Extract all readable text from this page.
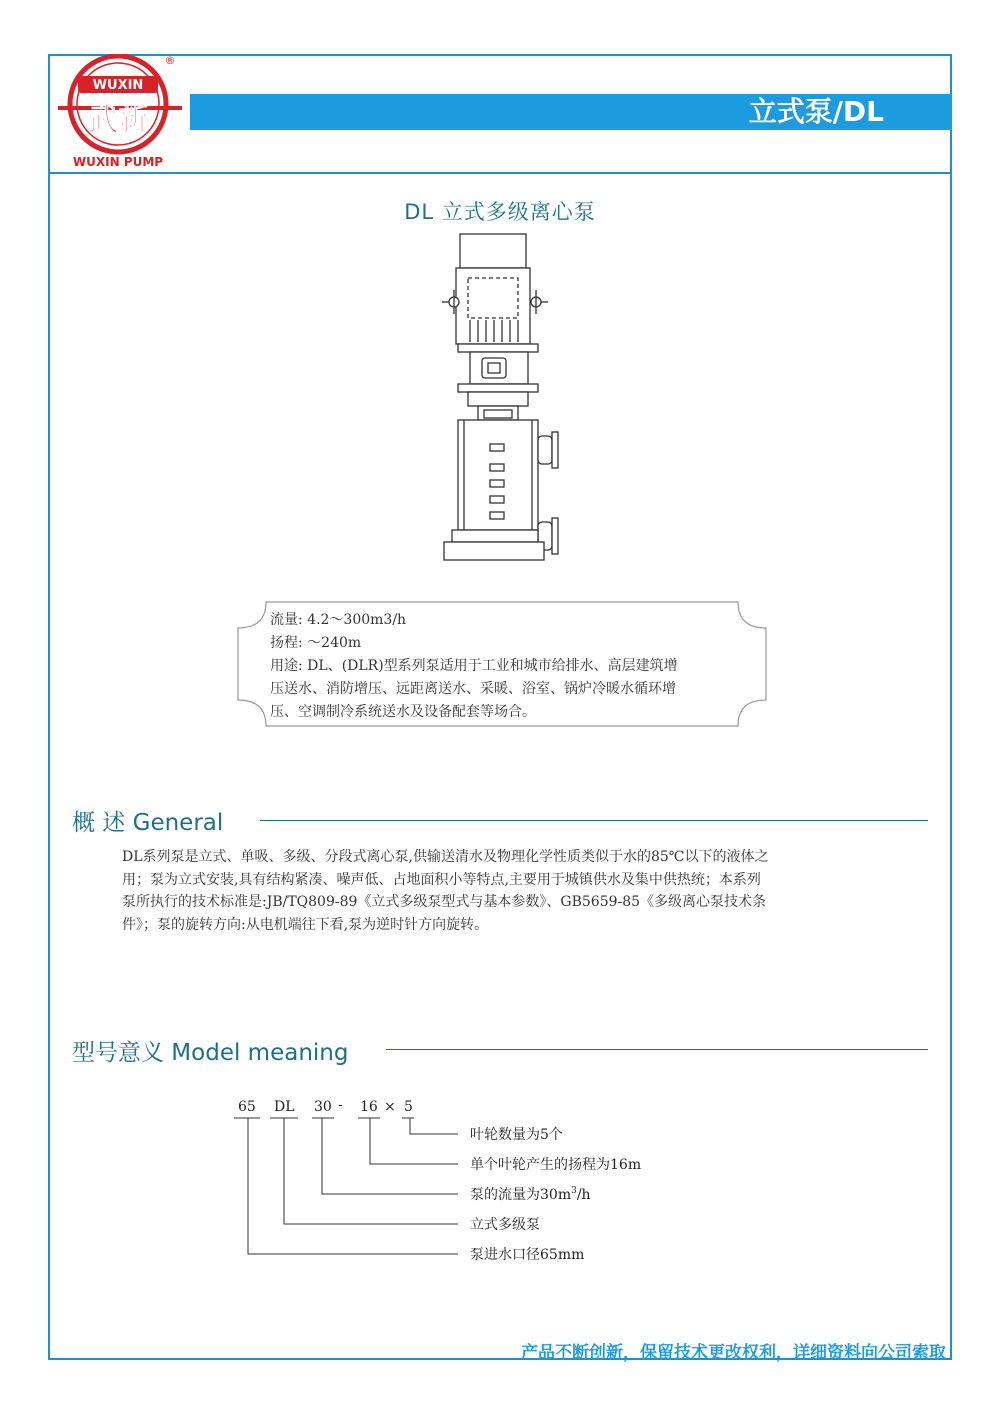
WUXIN
武新
®
WUXIN PUMP
立式泵/DL
DL 立式多级离心泵
流量: 4.2～300m3/h
扬程: ～240m
用途: DL、(DLR)型系列泵适用于工业和城市给排水、高层建筑增
压送水、消防增压、远距离送水、采暖、浴室、锅炉冷暖水循环增
压、空调制冷系统送水及设备配套等场合。
概 述 General
DL系列泵是立式、单吸、多级、分段式离心泵,供输送清水及物理化学性质类似于水的85℃以下的液体之
用；泵为立式安装,具有结构紧凑、噪声低、占地面积小等特点,主要用于城镇供水及集中供热统；本系列
泵所执行的技术标准是:JB/TQ809-89《立式多级泵型式与基本参数》、GB5659-85《多级离心泵技术条
件》；泵的旋转方向:从电机端往下看,泵为逆时针方向旋转。
型号意义 Model meaning
65 DL 30 - 16 × 5
叶轮数量为5个
单个叶轮产生的扬程为16m
泵的流量为$30m^3/h$
立式多级泵
泵进水口径65mm
产品不断创新，保留技术更改权利，详细资料向公司索取
